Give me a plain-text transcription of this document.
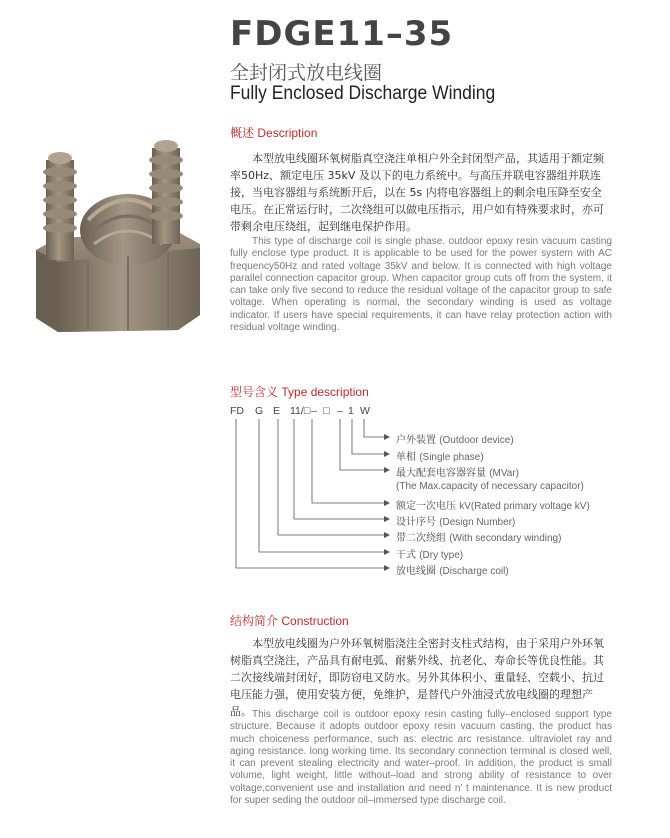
FDGE11–35
全封闭式放电线圈
Fully Enclosed Discharge Winding
概述 Description
本型放电线圈环氧树脂真空浇注单相户外全封闭型产品，其适用于额定频率50Hz、额定电压 35kV 及以下的电力系统中。与高压并联电容器组并联连接，当电容器组与系统断开后，以在 5s 内将电容器组上的剩余电压降至安全电压。在正常运行时，二次绕组可以做电压指示，用户如有特殊要求时，亦可带剩余电压绕组，起到继电保护作用。
This type of discharge coil is single phase. outdoor epoxy resin vacuum casting fully enclose type product. It is applicable to be used for the power system with AC frequency50Hz and rated voltage 35kV and below. It is connected with high voltage parallel connection capacitor group. When capacitor group cuts off from the system, it can take only five second to reduce the residual voltage of the capacitor group to safe voltage. When operating is normal, the secondary winding is used as voltage indicator. If users have special requirements, it can have relay protection action with residual voltage winding.
型号含义 Type description
FD G E 11/□ – □ – 1 W
户外装置 (Outdoor device)
单相 (Single phase)
最大配套电容器容量 (MVar)
(The Max.capacity of necessary capacitor)
额定一次电压 kV(Rated primary voltage kV)
设计序号 (Design Number)
带二次绕组 (With secondary winding)
干式 (Dry type)
放电线圈 (Discharge coil)
结构简介 Construction
本型放电线圈为户外环氧树脂浇注全密封支柱式结构，由于采用户外环氧树脂真空浇注，产品具有耐电弧、耐紫外线、抗老化、寿命长等优良性能。其二次接线端封闭好，即防窃电又防水。另外其体积小、重量轻、空载小、抗过电压能力强，使用安装方便，免维护，是替代户外油浸式放电线圈的理想产品。 This discharge coil is outdoor epoxy resin casting fully–enclosed support type structure. Because it adopts outdoor epoxy resin vacuum casting, the product has much choiceness performance, such as: electric arc resistance. ultraviolet ray and aging resistance. long working time. Its secondary connection terminal is closed well, it can prevent stealing electricity and water–proof. In addition, the product is small volume, light weight, little without–load and strong ability of resistance to over voltage,convenient use and installation and need n’ t maintenance. It is new product for super seding the outdoor oil–immersed type discharge coil.
